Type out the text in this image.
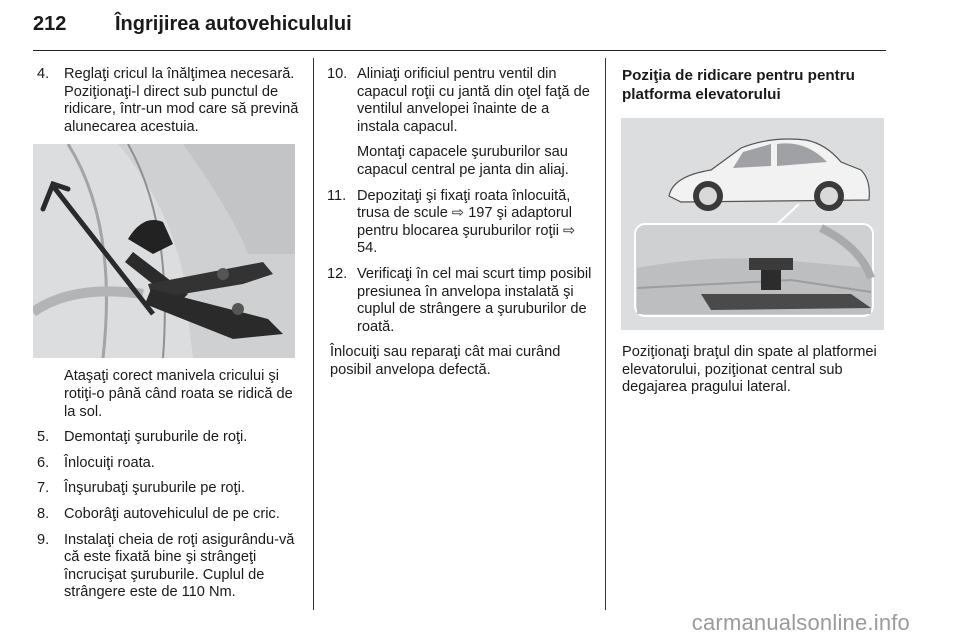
212 Îngrijirea autovehiculului
4. Reglaţi cricul la înălţimea necesară. Poziţionaţi-l direct sub punctul de ridicare, într-un mod care să prevină alunecarea acestuia.
Ataşaţi corect manivela cricului şi rotiţi-o până când roata se ridică de la sol.
5. Demontaţi şuruburile de roţi.
6. Înlocuiţi roata.
7. Înşurubaţi şuruburile pe roţi.
8. Coborâţi autovehiculul de pe cric.
9. Instalaţi cheia de roţi asigurându-vă că este fixată bine şi strângeţi încrucişat şuruburile. Cuplul de strângere este de 110 Nm.
10. Aliniaţi orificiul pentru ventil din capacul roţii cu jantă din oţel faţă de ventilul anvelopei înainte de a instala capacul.
Montaţi capacele şuruburilor sau capacul central pe janta din aliaj.
11. Depozitaţi şi fixaţi roata înlocuită, trusa de scule ⇨ 197 şi adaptorul pentru blocarea şuruburilor roţii ⇨ 54.
12. Verificaţi în cel mai scurt timp posibil presiunea în anvelopa instalată şi cuplul de strângere a şuruburilor de roată.
Înlocuiţi sau reparaţi cât mai curând posibil anvelopa defectă.
Poziţia de ridicare pentru pentru platforma elevatorului
Poziţionaţi braţul din spate al platformei elevatorului, poziţionat central sub degajarea pragului lateral.
carmanualsonline.info
